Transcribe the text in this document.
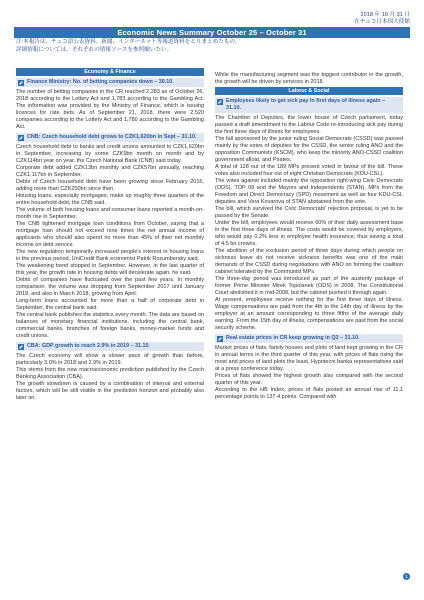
2018 年 10 月 31 日
在チェコ日本国大使館
Economic News Summary October 25 – October 31
注:本報告は、チェコ語公表資料、新聞、インターネット等報道資料をとりまとめたもの。
詳細情報については、それぞれの情報ソースを参照願いたい。
Economy & Finance
Finance Ministry: No. of betting companies down – 30.10.

The number of betting companies in the CR reached 2,283 as of October 26, 2018 according to the Lottery Act and 1,783 according to the Gambling Act. The information was provided by the Ministry of Finance, which is issuing licences for rate bets. As of September 21, 2018, there were 2,520 companies according to the Lottery Act and 1,780 according to the Gambling Act.

CNB: Czech household debt grows to CZK1,620bn in Sept – 31.10.

Czech household debt to banks and credit unions amounted to CZK1,620bn in September, increasing by some CZK9bn month on month and by CZK114bn year on year, the Czech National Bank (CNB) said today.

Corporate debt added CZK13bn monthly and CZK57bn annually, reaching CZK1,117bn in September.

Debts of Czech household debt have been growing since February 2016, adding more than CZK250bn since then.

Housing loans, especially mortgages, make up roughly three quarters of the entire household debt, the CNB said.

The volume of both housing loans and consumer loans reported a month-on-month rise in September.

The CNB tightened mortgage loan conditions from October, saying that a mortgage loan should not exceed nine times the net annual income of applicants who should also spend no more than 45% of their net monthly income on debt service.

The new regulation temporarily increased people's interest in housing loans in the previous period, UniCredit Bank economist Patrik Rozumbersky said.

The weakening trend stopped in September. However, in the last quarter of this year, the growth rate in housing debts will decelerate again, he said.

Debts of companies have fluctuated over the past few years. In monthly comparison, the volume was dropping from September 2017 until January 2018, and also in March 2018, growing from April.

Long-term loans accounted for more than a half of corporate debt in September, the central bank said.

The central bank publishes the statistics every month. The data are based on balances of monetary financial institutions, including the central bank, commercial banks, branches of foreign banks, money-market funds and credit unions.

CBA: GDP growth to reach 2.9% in 2019 – 31.10.

The Czech economy will show a slower pace of growth than before, particularly 3.0% in 2018 and 2.9% in 2019.

This stems from the new macroeconomic prediction published by the Czech Banking Association (CBA).

The growth slowdown is caused by a combination of internal and external factors, which will be still visible in the prediction horizon and probably also later on.

While the manufacturing segment was the biggest contributor in the growth, the growth will be driven by services in 2018.

Labour & Social
Employees likely to get sick pay in first days of illness again – 31.10.

The Chamber of Deputies, the lower house of Czech parliament, today passed a draft amendment to the Labour Code re-introducing sick pay during the first three days of illness for employees.

The fall sponsored by the junior ruling Social Democrats (CSSD) was passed mainly by the votes of deputies for the CSSD, the senior ruling ANO and the opposition Communists (KSCM), who keep the minority ANO-CSSD coalition government afloat, and Pirates.

A total of 128 out of the 189 MPs present voted in favour of the bill. These votes also included four out of eight Christian Democrats (KDU-CSL).

The votes against included mainly the opposition right-wing Civic Democrats (ODS), TOP 09 and the Mayors and Independents (STAN). MPs from the Freedom and Direct Democracy (SPD) movement as well as four KDU-CSL deputies and Vera Kovarova of STAN abstained from the vote.

The bill, which survived the Civic Democrats' rejection proposal, is yet to be passed by the Senate.

Under the bill, employees would receive 60% of their daily assessment base in the first three days of illness. The costs would be covered by employers, who would pay 0.2% less in employee health insurance, thus saving a total of 4.5 bn crowns.

The abolition of the exclusion period of three days during which people on sickness leave do not receive sickness benefits was one of the main demands of the CSSD during negotiations with ANO on forming the coalition cabinet tolerated by the Communist MPs.

The three-day period was introduced as part of the austerity package of former Prime Minister Mirek Topolanek (ODS) in 2008. The Constitutional Court abolished it in mid-2008, but the cabinet pushed it through again.

At present, employees receive nothing for the first three days of illness. Wage compensations are paid from the 4th to the 14th day of illness by the employer at an amount corresponding to three fifths of the average daily earning. From the 15th day of illness, compensations are paid from the social security scheme.

Real estate prices in CR keep growing in Q3 – 31.10.

Market prices of flats, family houses and plots of land kept growing in the CR in annual terms in the third quarter of this year, with prices of flats rising the most and prices of land plots the least, Hypotecni banka representatives said at a press conference today.

Prices of flats showed the highest growth also compared with the second quarter of this year.

According to the HB Index, prices of flats posted an annual rise of 11.1 percentage points to 137.4 points. Compared with

1
